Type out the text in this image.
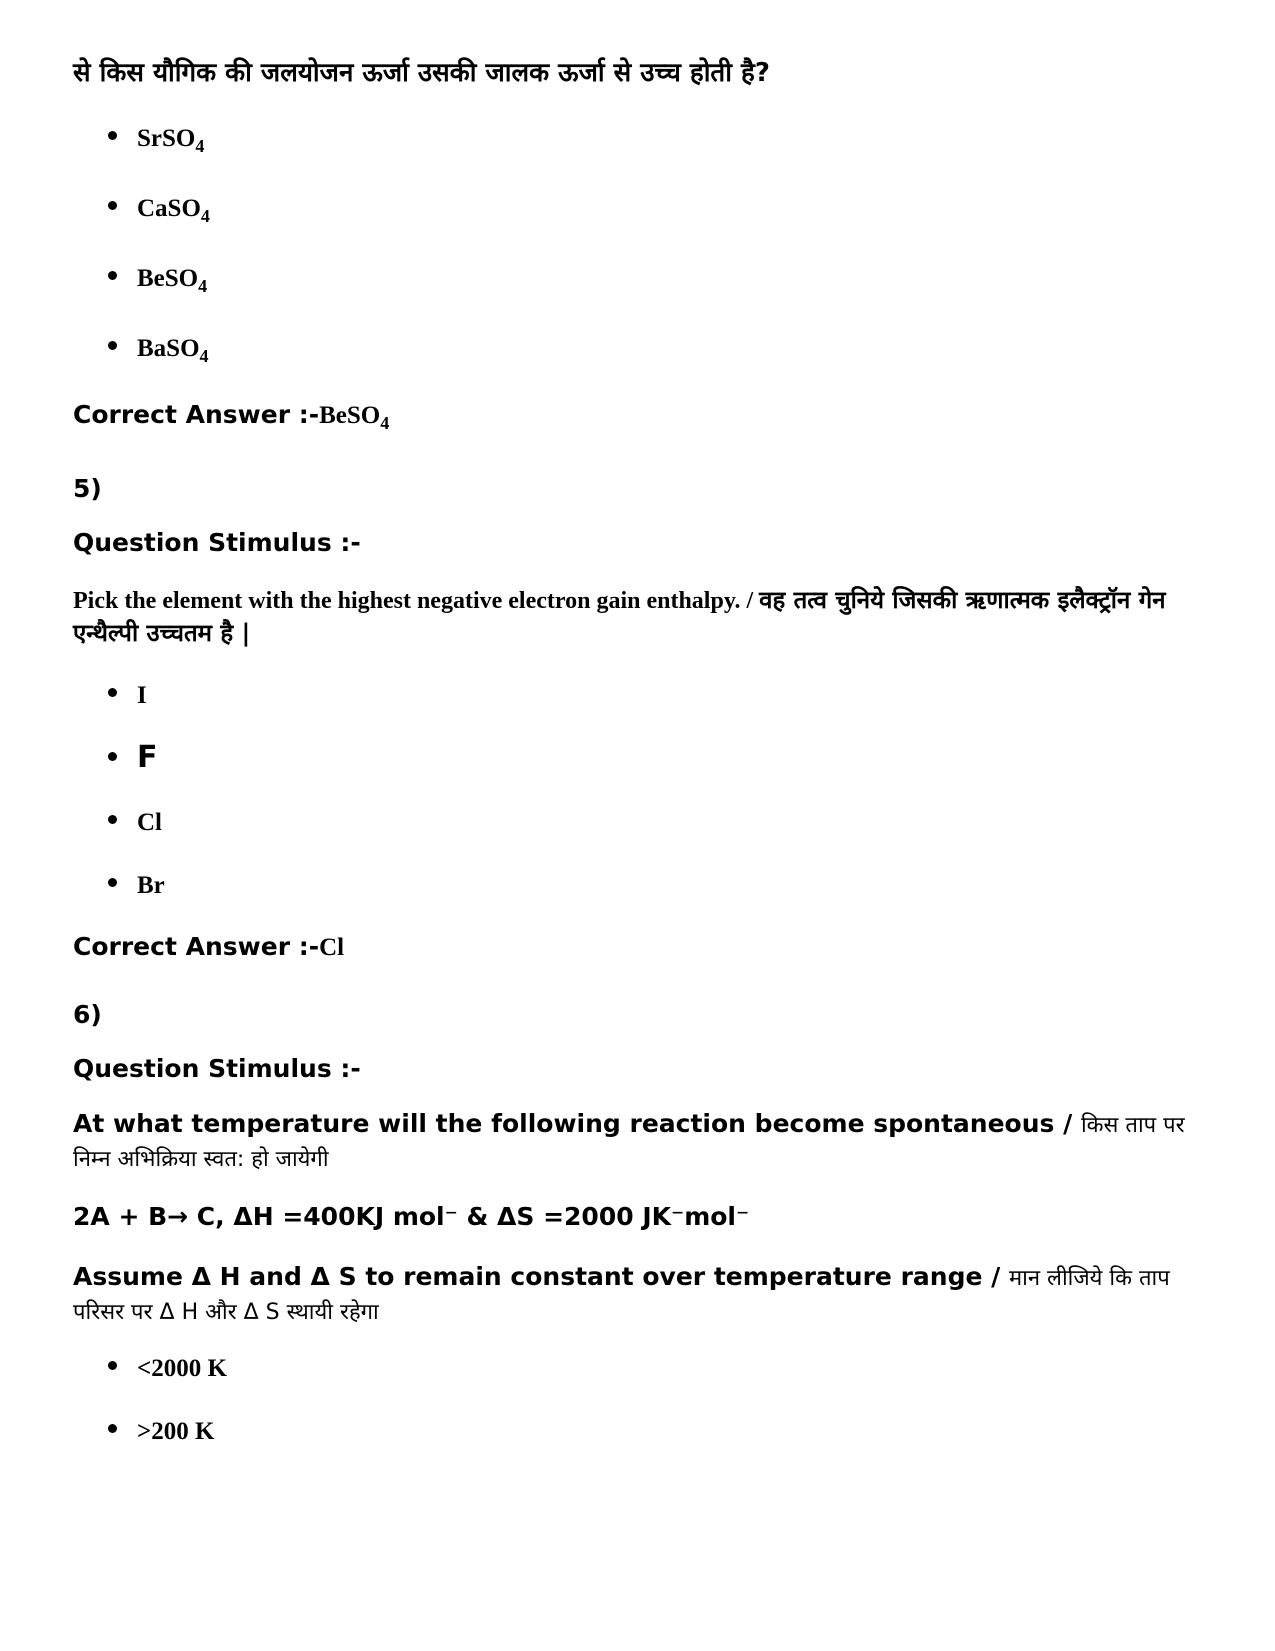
से किस यौगिक की जलयोजन ऊर्जा उसकी जालक ऊर्जा से उच्च होती है?
SrSO$_4$
CaSO$_4$
BeSO$_4$
BaSO$_4$
Correct Answer :-BeSO$_4$
5)
Question Stimulus :-
Pick the element with the highest negative electron gain enthalpy. / वह तत्व चुनिये जिसकी ऋणात्मक इलैक्ट्रॉन गेन एन्थैल्पी उच्चतम है |
I
F
Cl
Br
Correct Answer :-Cl
6)
Question Stimulus :-
At what temperature will the following reaction become spontaneous / किस ताप पर निम्न अभिक्रिया स्वत: हो जायेगी
2A + B→ C, ΔH =400KJ mol⁻ & ΔS =2000 JK⁻mol⁻
Assume Δ H and Δ S to remain constant over temperature range / मान लीजिये कि ताप परिसर पर Δ H और Δ S स्थायी रहेगा
<2000 K
>200 K
